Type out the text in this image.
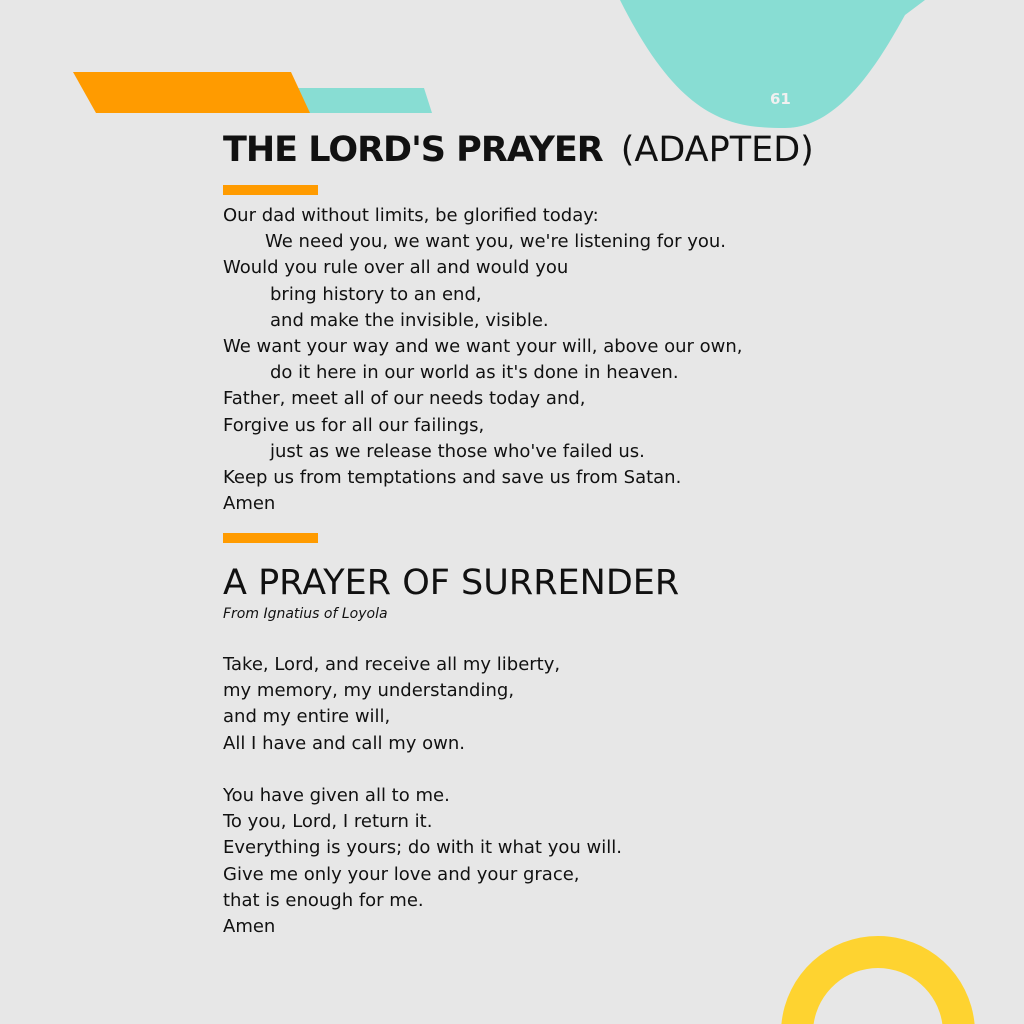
61
THE LORD'S PRAYER (ADAPTED)
Our dad without limits, be glorified today:
We need you, we want you, we're listening for you.
Would you rule over all and would you
bring history to an end,
and make the invisible, visible.
We want your way and we want your will, above our own,
do it here in our world as it's done in heaven.
Father, meet all of our needs today and,
Forgive us for all our failings,
just as we release those who've failed us.
Keep us from temptations and save us from Satan.
Amen
A PRAYER OF SURRENDER
From Ignatius of Loyola
Take, Lord, and receive all my liberty,
my memory, my understanding,
and my entire will,
All I have and call my own.
You have given all to me.
To you, Lord, I return it.
Everything is yours; do with it what you will.
Give me only your love and your grace,
that is enough for me.
Amen
